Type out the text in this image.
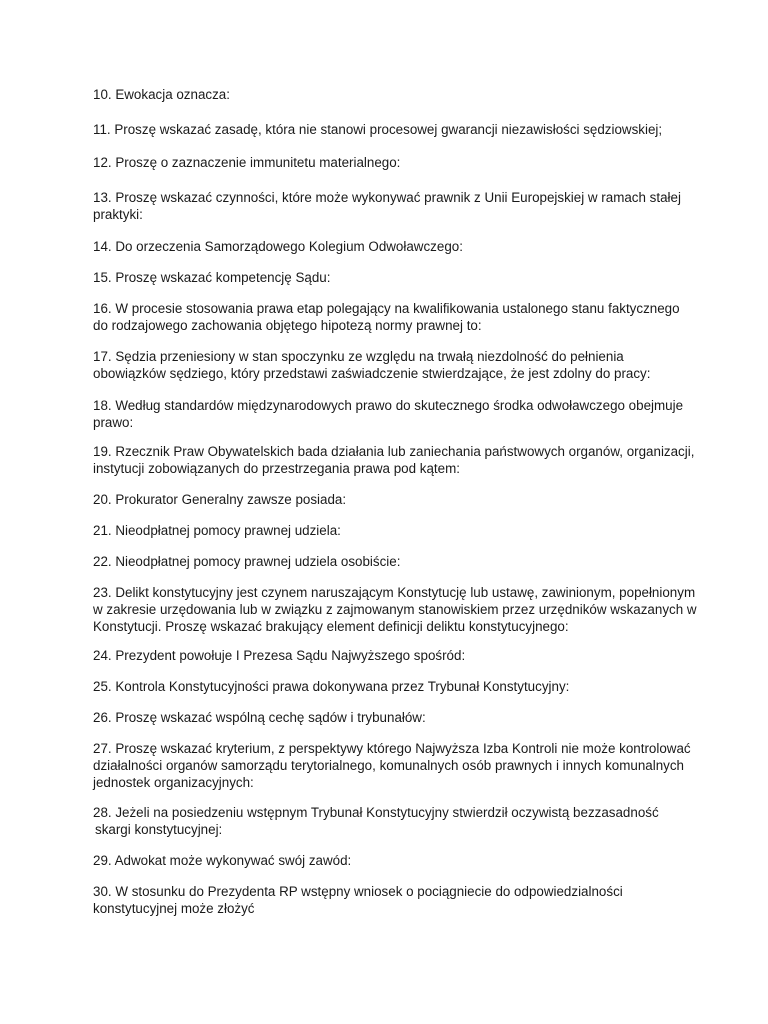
10. Ewokacja oznacza:

11. Proszę wskazać zasadę, która nie stanowi procesowej gwarancji niezawisłości sędziowskiej;

12. Proszę o zaznaczenie immunitetu materialnego:

13. Proszę wskazać czynności, które może wykonywać prawnik z Unii Europejskiej w ramach stałej
praktyki:

14. Do orzeczenia Samorządowego Kolegium Odwoławczego:

15. Proszę wskazać kompetencję Sądu:

16. W procesie stosowania prawa etap polegający na kwalifikowania ustalonego stanu faktycznego
do rodzajowego zachowania objętego hipotezą normy prawnej to:

17. Sędzia przeniesiony w stan spoczynku ze względu na trwałą niezdolność do pełnienia
obowiązków sędziego, który przedstawi zaświadczenie stwierdzające, że jest zdolny do pracy:

18. Według standardów międzynarodowych prawo do skutecznego środka odwoławczego obejmuje
prawo:

19. Rzecznik Praw Obywatelskich bada działania lub zaniechania państwowych organów, organizacji,
instytucji zobowiązanych do przestrzegania prawa pod kątem:

20. Prokurator Generalny zawsze posiada:

21. Nieodpłatnej pomocy prawnej udziela:

22. Nieodpłatnej pomocy prawnej udziela osobiście:

23. Delikt konstytucyjny jest czynem naruszającym Konstytucję lub ustawę, zawinionym, popełnionym
w zakresie urzędowania lub w związku z zajmowanym stanowiskiem przez urzędników wskazanych w
Konstytucji. Proszę wskazać brakujący element definicji deliktu konstytucyjnego:

24. Prezydent powołuje I Prezesa Sądu Najwyższego spośród:

25. Kontrola Konstytucyjności prawa dokonywana przez Trybunał Konstytucyjny:

26. Proszę wskazać wspólną cechę sądów i trybunałów:

27. Proszę wskazać kryterium, z perspektywy którego Najwyższa Izba Kontroli nie może kontrolować
działalności organów samorządu terytorialnego, komunalnych osób prawnych i innych komunalnych
jednostek organizacyjnych:

28. Jeżeli na posiedzeniu wstępnym Trybunał Konstytucyjny stwierdził oczywistą bezzasadność
skargi konstytucyjnej:

29. Adwokat może wykonywać swój zawód:

30. W stosunku do Prezydenta RP wstępny wniosek o pociągniecie do odpowiedzialności
konstytucyjnej może złożyć
